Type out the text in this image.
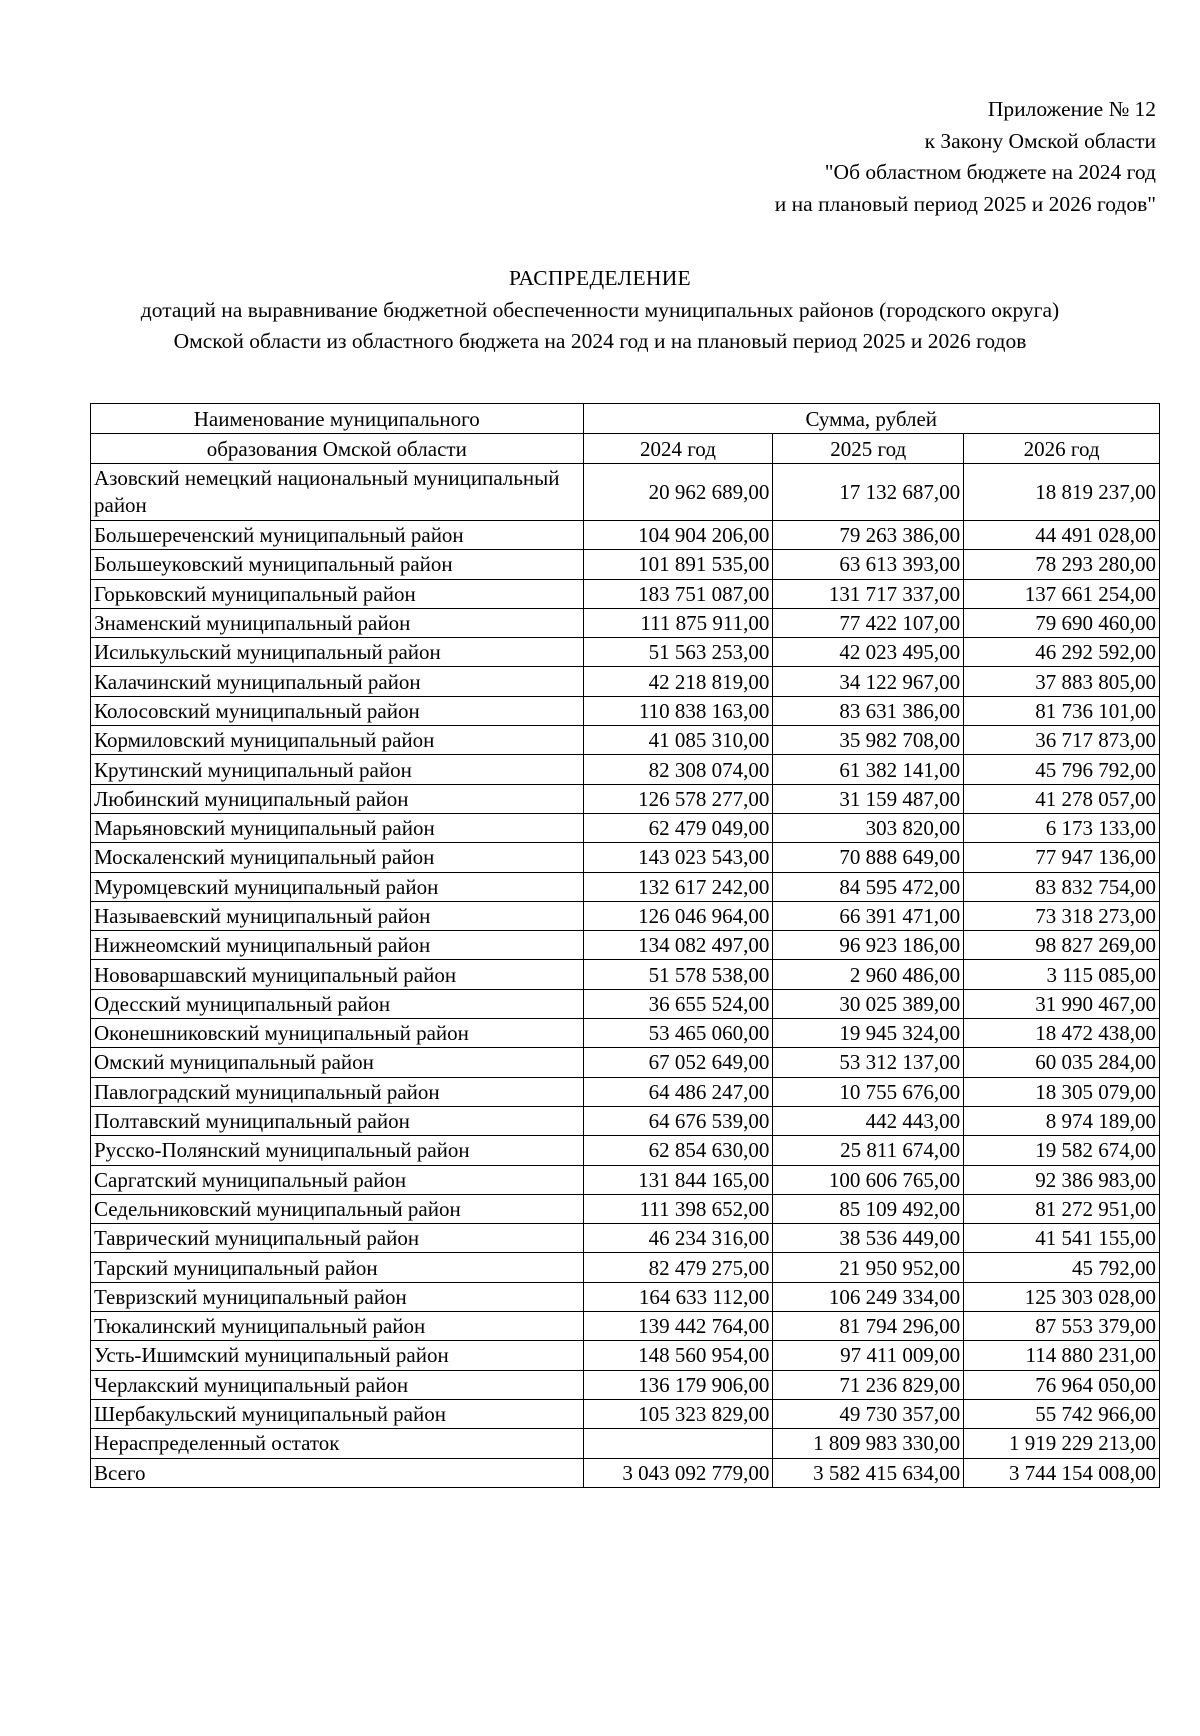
Приложение № 12
к Закону Омской области
"Об областном бюджете на 2024 год
и на плановый период 2025 и 2026 годов"
РАСПРЕДЕЛЕНИЕ
дотаций на выравнивание бюджетной обеспеченности муниципальных районов (городского округа)
Омской области из областного бюджета на 2024 год и на плановый период 2025 и 2026 годов
Наименование муниципального	Сумма, рублей		
образования Омской области	2024 год	2025 год	2026 год
Азовский немецкий национальный муниципальный район	20 962 689,00	17 132 687,00	18 819 237,00
Большереченский муниципальный район	104 904 206,00	79 263 386,00	44 491 028,00
Большеуковский муниципальный район	101 891 535,00	63 613 393,00	78 293 280,00
Горьковский муниципальный район	183 751 087,00	131 717 337,00	137 661 254,00
Знаменский муниципальный район	111 875 911,00	77 422 107,00	79 690 460,00
Исилькульский муниципальный район	51 563 253,00	42 023 495,00	46 292 592,00
Калачинский муниципальный район	42 218 819,00	34 122 967,00	37 883 805,00
Колосовский муниципальный район	110 838 163,00	83 631 386,00	81 736 101,00
Кормиловский муниципальный район	41 085 310,00	35 982 708,00	36 717 873,00
Крутинский муниципальный район	82 308 074,00	61 382 141,00	45 796 792,00
Любинский муниципальный район	126 578 277,00	31 159 487,00	41 278 057,00
Марьяновский муниципальный район	62 479 049,00	303 820,00	6 173 133,00
Москаленский муниципальный район	143 023 543,00	70 888 649,00	77 947 136,00
Муромцевский муниципальный район	132 617 242,00	84 595 472,00	83 832 754,00
Называевский муниципальный район	126 046 964,00	66 391 471,00	73 318 273,00
Нижнеомский муниципальный район	134 082 497,00	96 923 186,00	98 827 269,00
Нововаршавский муниципальный район	51 578 538,00	2 960 486,00	3 115 085,00
Одесский муниципальный район	36 655 524,00	30 025 389,00	31 990 467,00
Оконешниковский муниципальный район	53 465 060,00	19 945 324,00	18 472 438,00
Омский муниципальный район	67 052 649,00	53 312 137,00	60 035 284,00
Павлоградский муниципальный район	64 486 247,00	10 755 676,00	18 305 079,00
Полтавский муниципальный район	64 676 539,00	442 443,00	8 974 189,00
Русско-Полянский муниципальный район	62 854 630,00	25 811 674,00	19 582 674,00
Саргатский муниципальный район	131 844 165,00	100 606 765,00	92 386 983,00
Седельниковский муниципальный район	111 398 652,00	85 109 492,00	81 272 951,00
Таврический муниципальный район	46 234 316,00	38 536 449,00	41 541 155,00
Тарский муниципальный район	82 479 275,00	21 950 952,00	45 792,00
Тевризский муниципальный район	164 633 112,00	106 249 334,00	125 303 028,00
Тюкалинский муниципальный район	139 442 764,00	81 794 296,00	87 553 379,00
Усть-Ишимский муниципальный район	148 560 954,00	97 411 009,00	114 880 231,00
Черлакский муниципальный район	136 179 906,00	71 236 829,00	76 964 050,00
Шербакульский муниципальный район	105 323 829,00	49 730 357,00	55 742 966,00
Нераспределенный остаток		1 809 983 330,00	1 919 229 213,00
Всего	3 043 092 779,00	3 582 415 634,00	3 744 154 008,00
